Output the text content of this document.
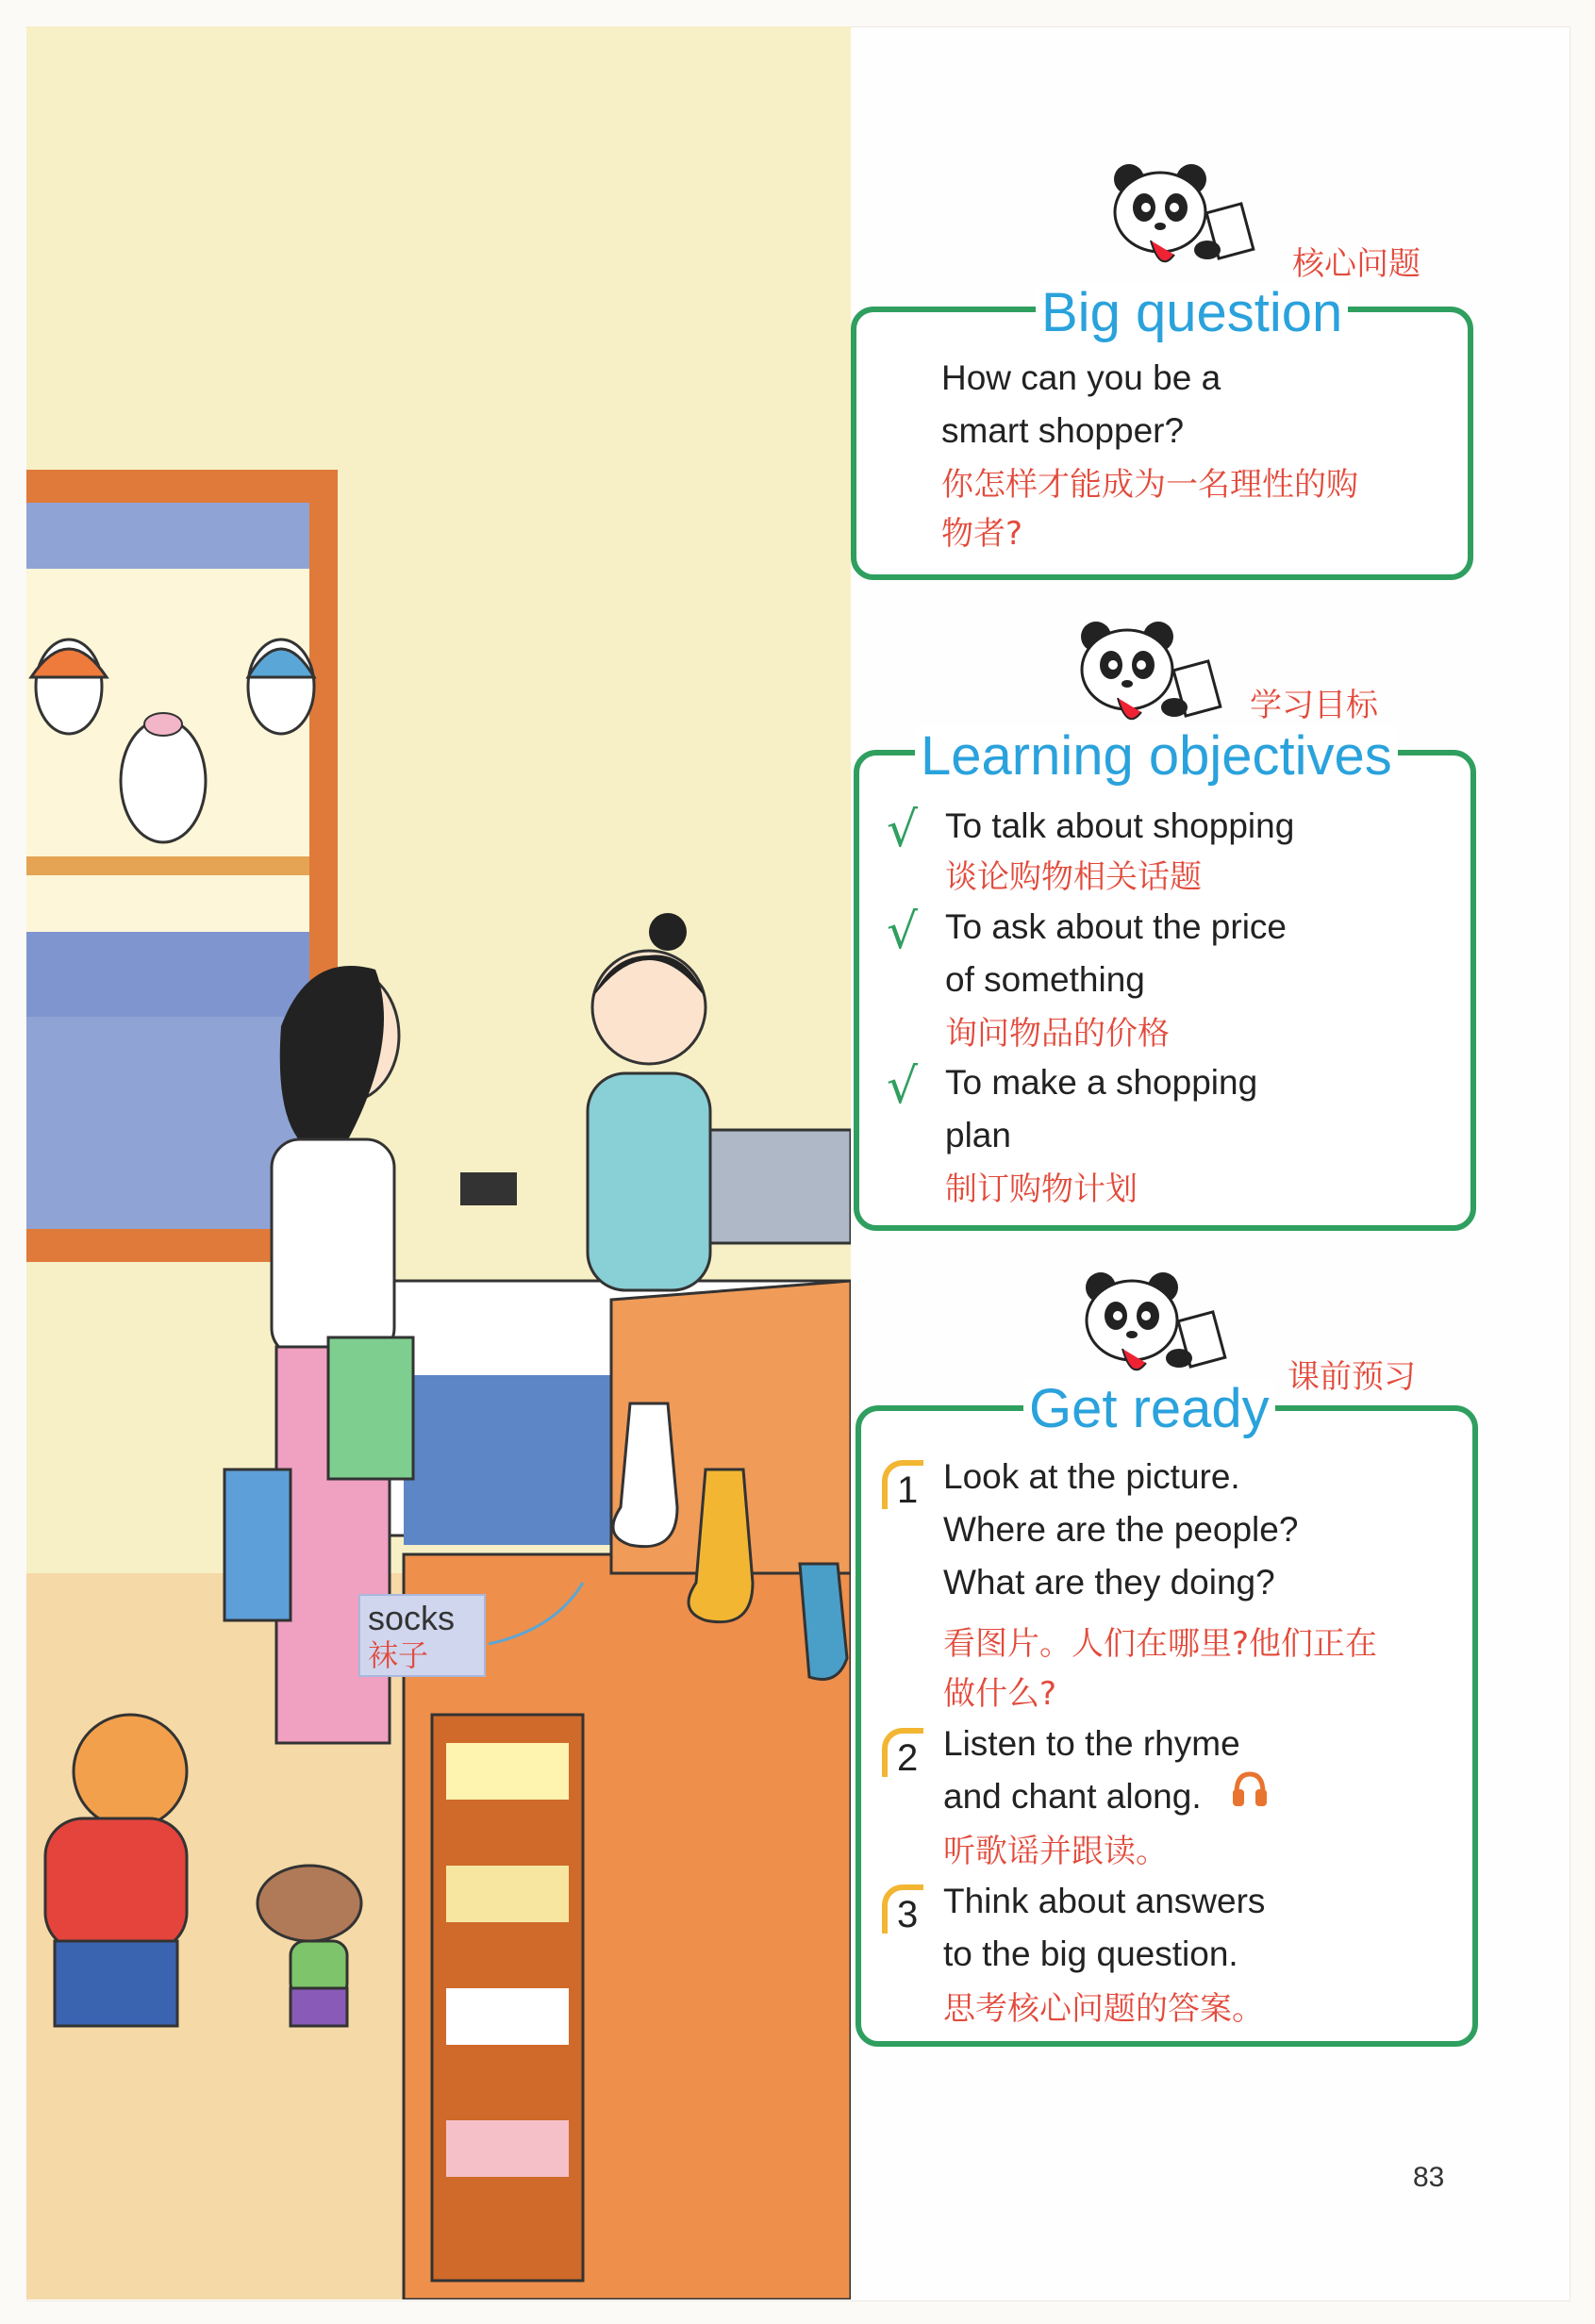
socks
袜子
核心问题
Big question
How can you be a
smart shopper?
你怎样才能成为一名理性的购
物者?
学习目标
Learning objectives
√ To talk about shopping
谈论购物相关话题
√ To ask about the price
of something
询问物品的价格
√ To make a shopping
plan
制订购物计划
课前预习
Get ready
1 Look at the picture.
Where are the people?
What are they doing?
看图片。人们在哪里?他们正在
做什么?
2 Listen to the rhyme
and chant along.
听歌谣并跟读。
3 Think about answers
to the big question.
思考核心问题的答案。
83
